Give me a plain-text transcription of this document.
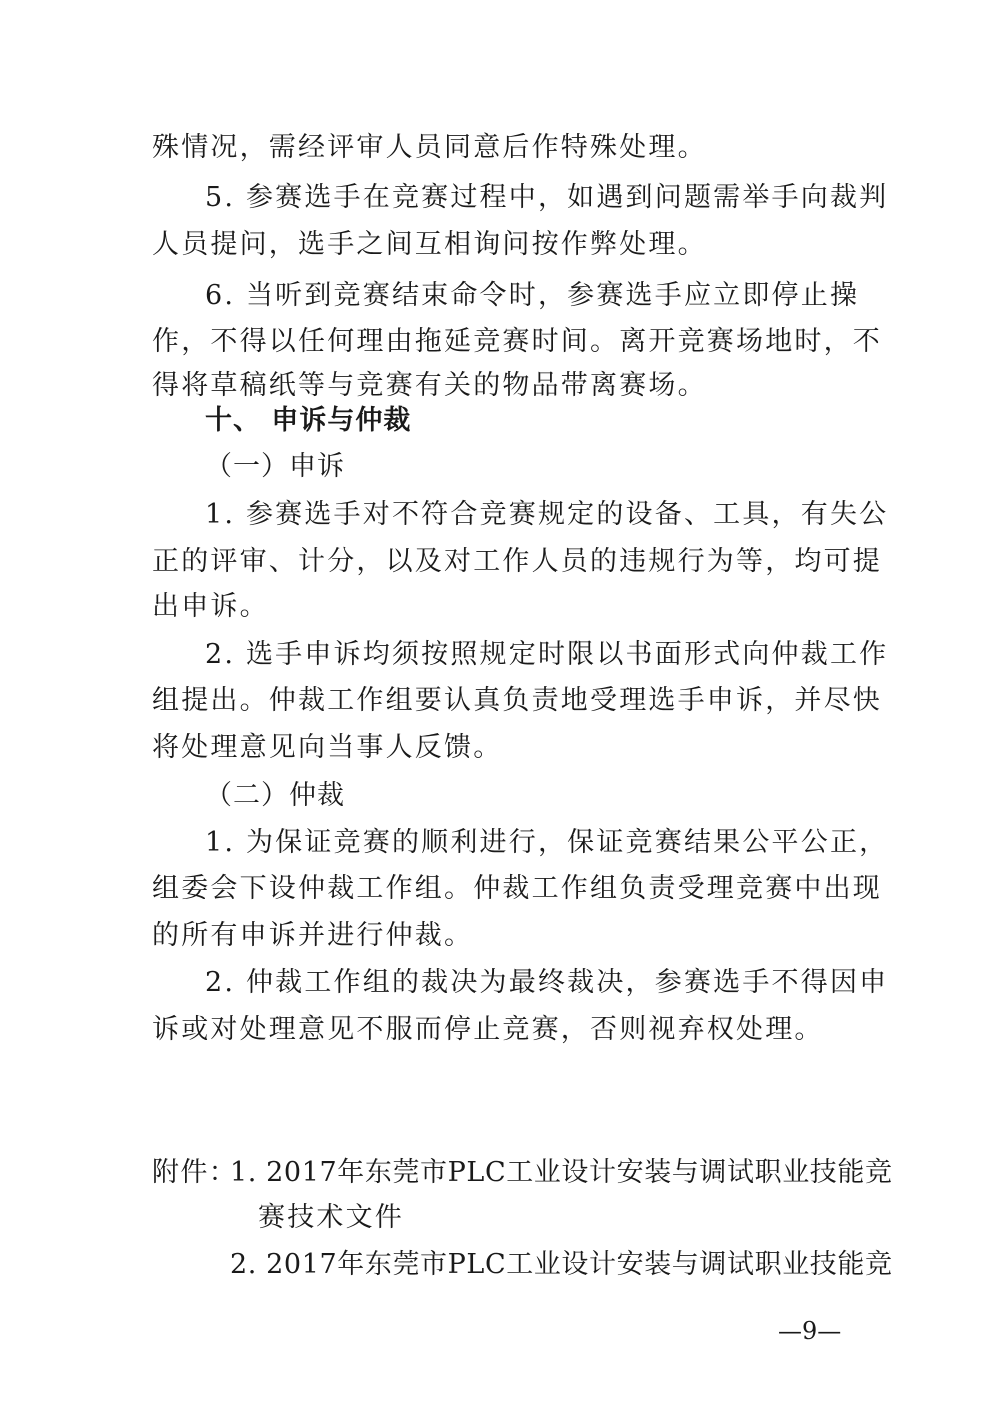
殊情况，需经评审人员同意后作特殊处理。
5. 参赛选手在竞赛过程中，如遇到问题需举手向裁判
人员提问，选手之间互相询问按作弊处理。
6. 当听到竞赛结束命令时，参赛选手应立即停止操
作，不得以任何理由拖延竞赛时间。离开竞赛场地时，不
得将草稿纸等与竞赛有关的物品带离赛场。
十、 申诉与仲裁
（一）申诉
1. 参赛选手对不符合竞赛规定的设备、工具，有失公
正的评审、计分，以及对工作人员的违规行为等，均可提
出申诉。
2. 选手申诉均须按照规定时限以书面形式向仲裁工作
组提出。仲裁工作组要认真负责地受理选手申诉，并尽快
将处理意见向当事人反馈。
（二）仲裁
1. 为保证竞赛的顺利进行，保证竞赛结果公平公正，
组委会下设仲裁工作组。仲裁工作组负责受理竞赛中出现
的所有申诉并进行仲裁。
2. 仲裁工作组的裁决为最终裁决，参赛选手不得因申
诉或对处理意见不服而停止竞赛，否则视弃权处理。
附件：
1. 2017年东莞市PLC工业设计安装与调试职业技能竞
赛技术文件
2. 2017年东莞市PLC工业设计安装与调试职业技能竞
—9—
